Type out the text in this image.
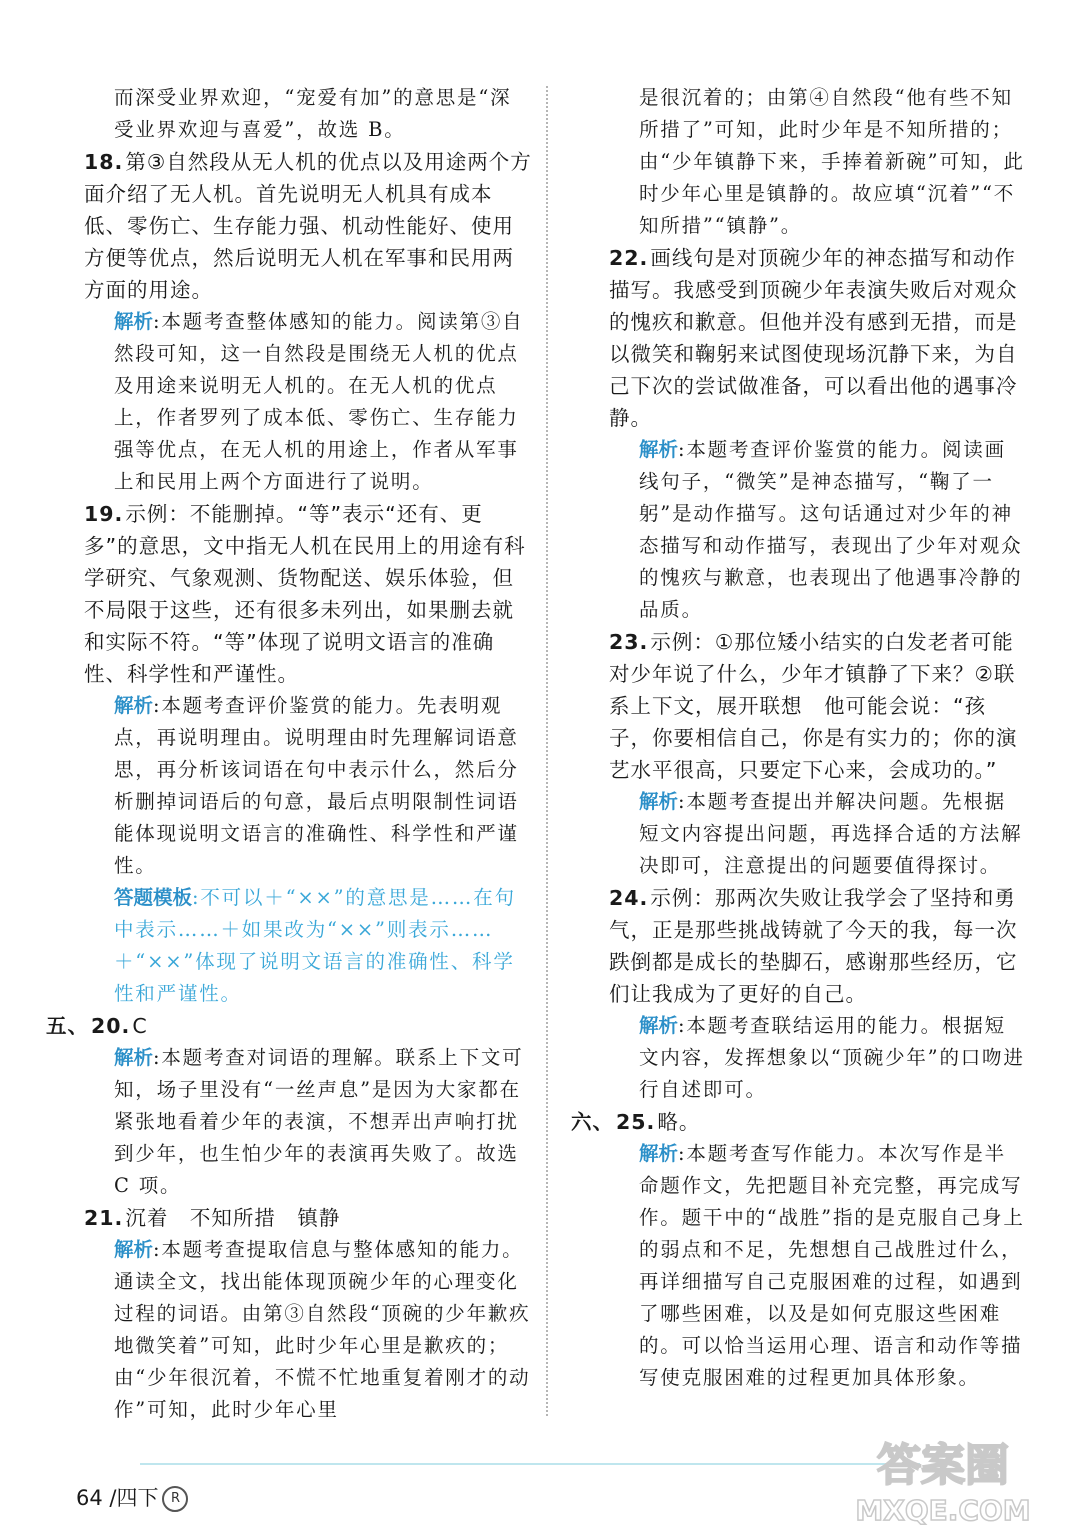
而深受业界欢迎，“宠爱有加”的意思是“深受业界欢迎与喜爱”，故选 B。

18.第③自然段从无人机的优点以及用途两个方面介绍了无人机。首先说明无人机具有成本低、零伤亡、生存能力强、机动性能好、使用方便等优点，然后说明无人机在军事和民用两方面的用途。

解析:本题考查整体感知的能力。阅读第③自然段可知，这一自然段是围绕无人机的优点及用途来说明无人机的。在无人机的优点上，作者罗列了成本低、零伤亡、生存能力强等优点，在无人机的用途上，作者从军事上和民用上两个方面进行了说明。

19.示例：不能删掉。“等”表示“还有、更多”的意思，文中指无人机在民用上的用途有科学研究、气象观测、货物配送、娱乐体验，但不局限于这些，还有很多未列出，如果删去就和实际不符。“等”体现了说明文语言的准确性、科学性和严谨性。

解析:本题考查评价鉴赏的能力。先表明观点，再说明理由。说明理由时先理解词语意思，再分析该词语在句中表示什么，然后分析删掉词语后的句意，最后点明限制性词语能体现说明文语言的准确性、科学性和严谨性。

答题模板:不可以＋“××”的意思是……在句中表示……＋如果改为“××”则表示……＋“××”体现了说明文语言的准确性、科学性和严谨性。

五、20.C

解析:本题考查对词语的理解。联系上下文可知，场子里没有“一丝声息”是因为大家都在紧张地看着少年的表演，不想弄出声响打扰到少年，也生怕少年的表演再失败了。故选 C 项。

21.沉着　不知所措　镇静

解析:本题考查提取信息与整体感知的能力。通读全文，找出能体现顶碗少年的心理变化过程的词语。由第③自然段“顶碗的少年歉疚地微笑着”可知，此时少年心里是歉疚的；由“少年很沉着，不慌不忙地重复着刚才的动作”可知，此时少年心里

是很沉着的；由第④自然段“他有些不知所措了”可知，此时少年是不知所措的；由“少年镇静下来，手捧着新碗”可知，此时少年心里是镇静的。故应填“沉着”“不知所措”“镇静”。

22.画线句是对顶碗少年的神态描写和动作描写。我感受到顶碗少年表演失败后对观众的愧疚和歉意。但他并没有感到无措，而是以微笑和鞠躬来试图使现场沉静下来，为自己下次的尝试做准备，可以看出他的遇事冷静。

解析:本题考查评价鉴赏的能力。阅读画线句子，“微笑”是神态描写，“鞠了一躬”是动作描写。这句话通过对少年的神态描写和动作描写，表现出了少年对观众的愧疚与歉意，也表现出了他遇事冷静的品质。

23.示例：①那位矮小结实的白发老者可能对少年说了什么，少年才镇静了下来？②联系上下文，展开联想　他可能会说：“孩子，你要相信自己，你是有实力的；你的演艺水平很高，只要定下心来，会成功的。”

解析:本题考查提出并解决问题。先根据短文内容提出问题，再选择合适的方法解决即可，注意提出的问题要值得探讨。

24.示例：那两次失败让我学会了坚持和勇气，正是那些挑战铸就了今天的我，每一次跌倒都是成长的垫脚石，感谢那些经历，它们让我成为了更好的自己。

解析:本题考查联结运用的能力。根据短文内容，发挥想象以“顶碗少年”的口吻进行自述即可。

六、25.略。

解析:本题考查写作能力。本次写作是半命题作文，先把题目补充完整，再完成写作。题干中的“战胜”指的是克服自己身上的弱点和不足，先想想自己战胜过什么，再详细描写自己克服困难的过程，如遇到了哪些困难，以及是如何克服这些困难的。可以恰当运用心理、语言和动作等描写使克服困难的过程更加具体形象。

64 /四下 R
答案圈
MXQE.COM
